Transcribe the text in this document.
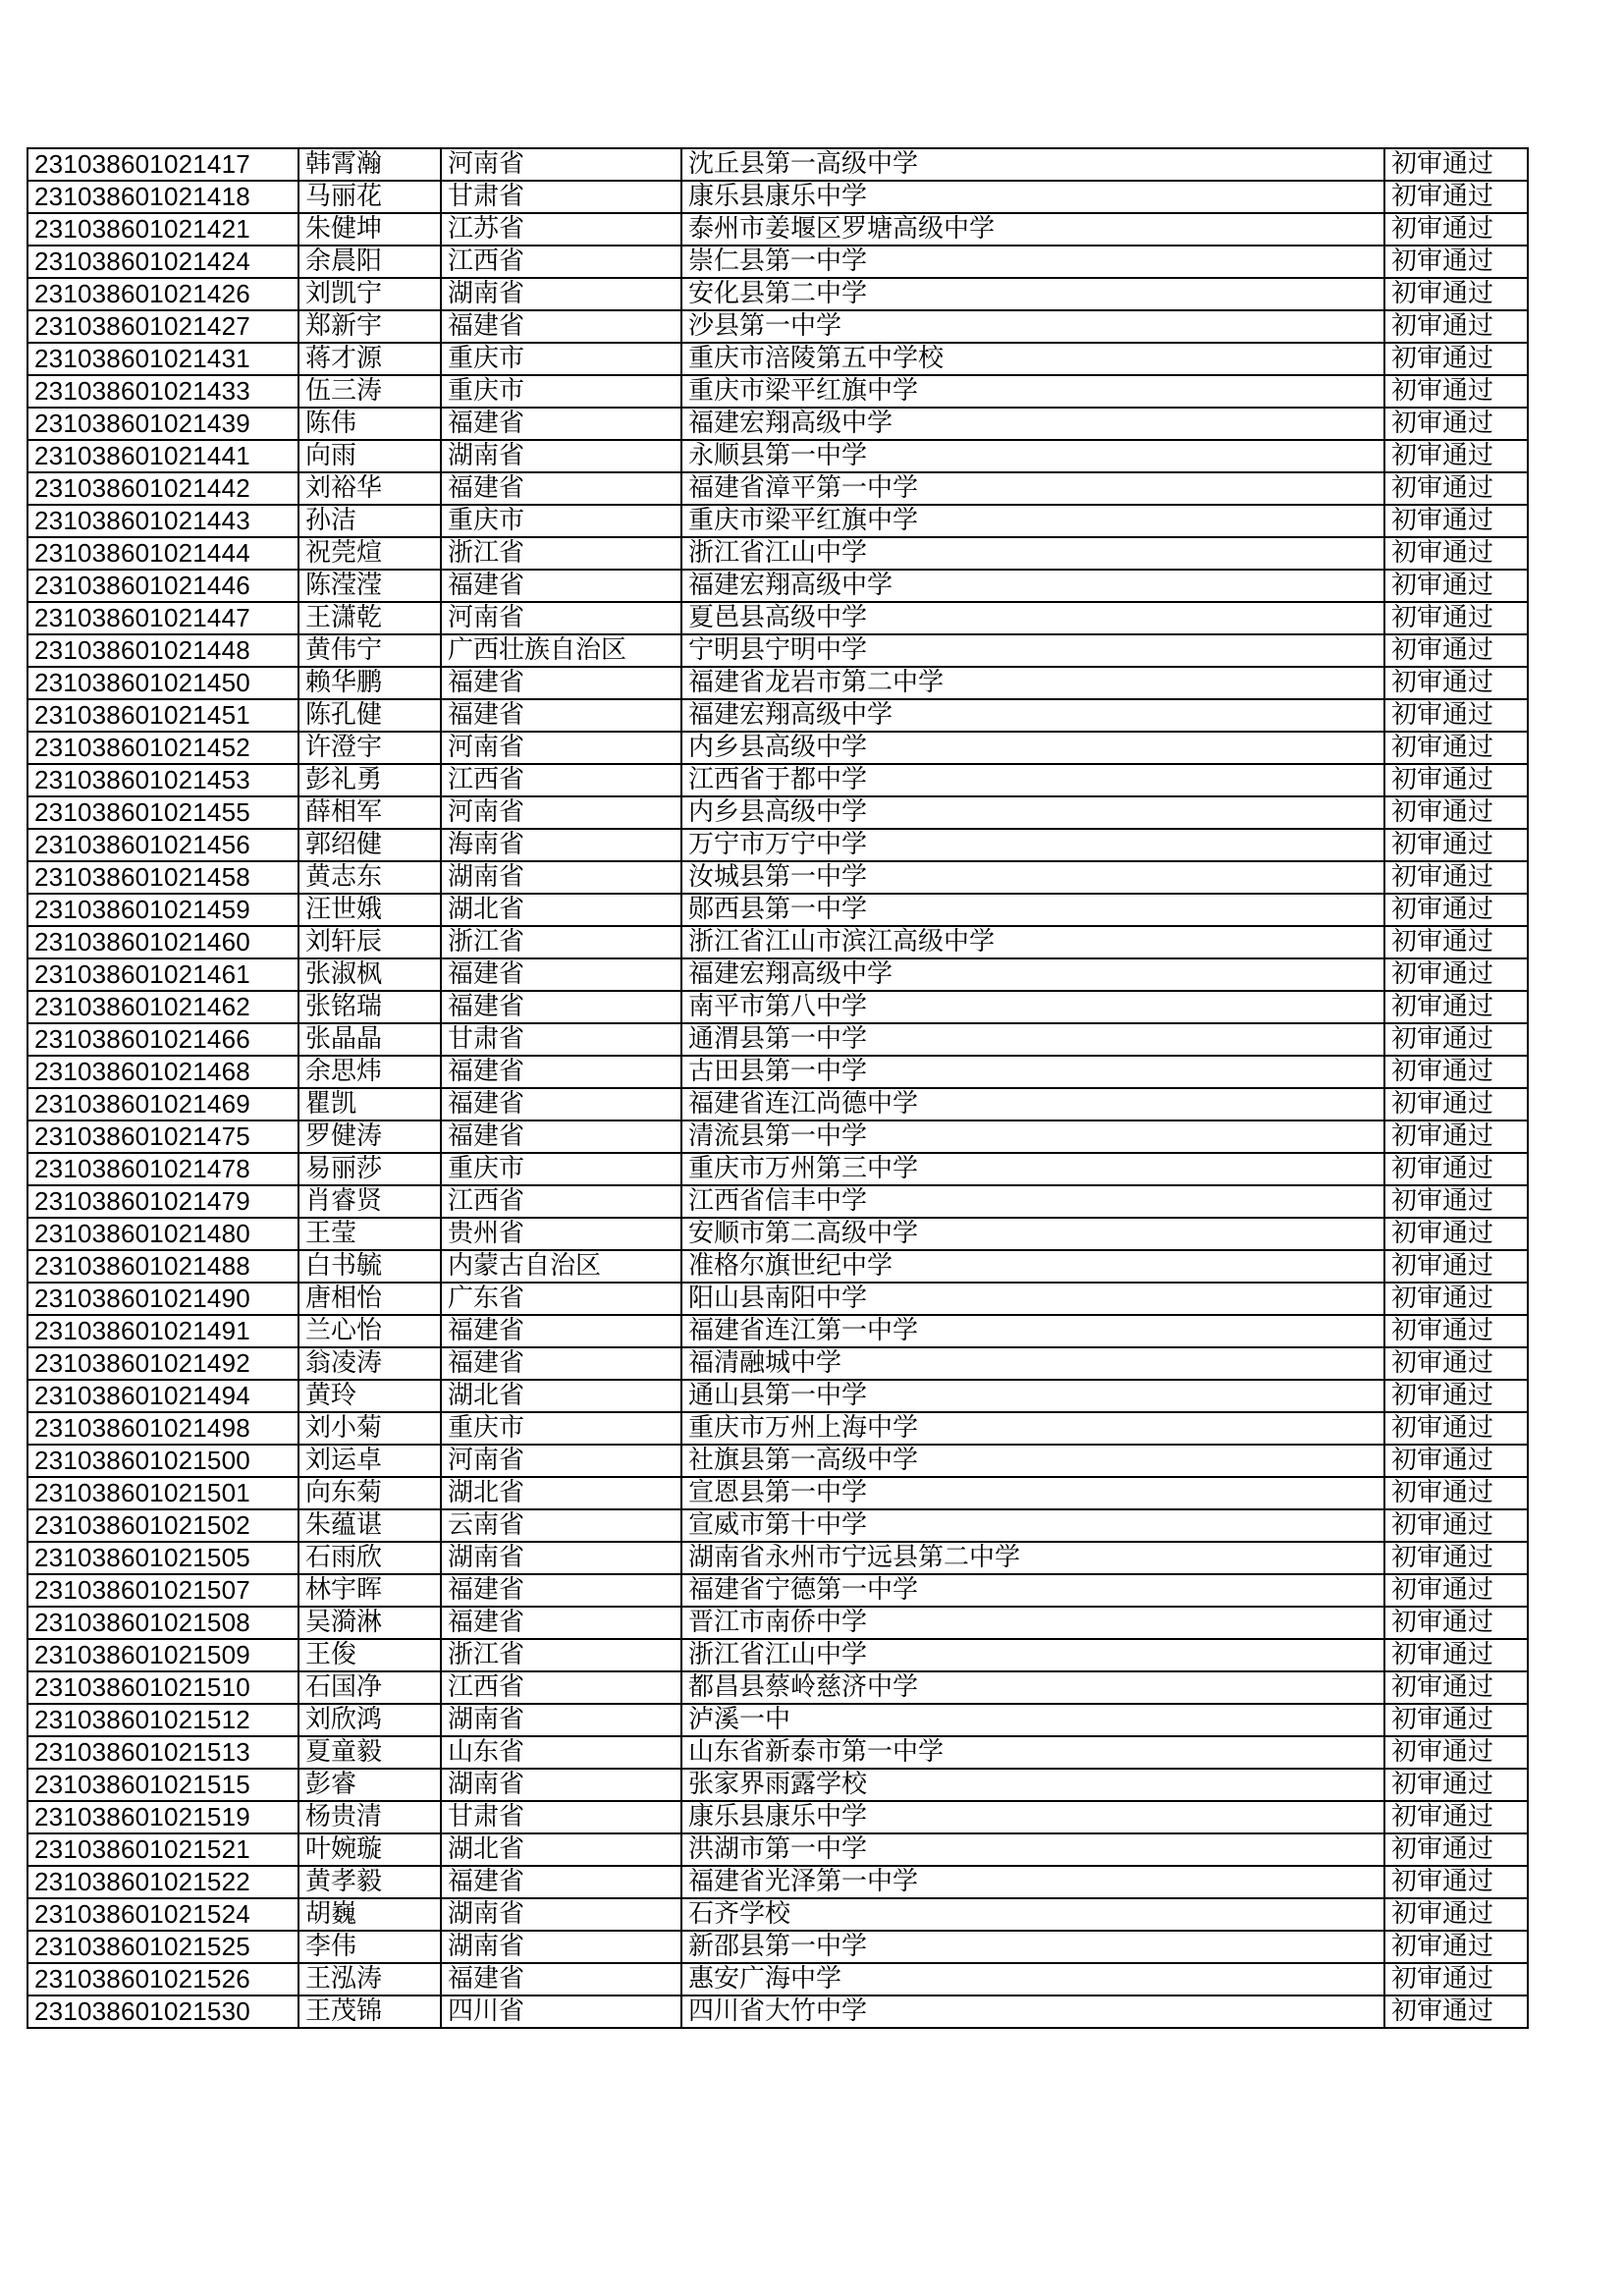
231038601021417	韩霄瀚	河南省	沈丘县第一高级中学	初审通过
231038601021418	马丽花	甘肃省	康乐县康乐中学	初审通过
231038601021421	朱健坤	江苏省	泰州市姜堰区罗塘高级中学	初审通过
231038601021424	余晨阳	江西省	崇仁县第一中学	初审通过
231038601021426	刘凯宁	湖南省	安化县第二中学	初审通过
231038601021427	郑新宇	福建省	沙县第一中学	初审通过
231038601021431	蒋才源	重庆市	重庆市涪陵第五中学校	初审通过
231038601021433	伍三涛	重庆市	重庆市梁平红旗中学	初审通过
231038601021439	陈伟	福建省	福建宏翔高级中学	初审通过
231038601021441	向雨	湖南省	永顺县第一中学	初审通过
231038601021442	刘裕华	福建省	福建省漳平第一中学	初审通过
231038601021443	孙洁	重庆市	重庆市梁平红旗中学	初审通过
231038601021444	祝莞煊	浙江省	浙江省江山中学	初审通过
231038601021446	陈滢滢	福建省	福建宏翔高级中学	初审通过
231038601021447	王潇乾	河南省	夏邑县高级中学	初审通过
231038601021448	黄伟宁	广西壮族自治区	宁明县宁明中学	初审通过
231038601021450	赖华鹏	福建省	福建省龙岩市第二中学	初审通过
231038601021451	陈孔健	福建省	福建宏翔高级中学	初审通过
231038601021452	许澄宇	河南省	内乡县高级中学	初审通过
231038601021453	彭礼勇	江西省	江西省于都中学	初审通过
231038601021455	薛相军	河南省	内乡县高级中学	初审通过
231038601021456	郭绍健	海南省	万宁市万宁中学	初审通过
231038601021458	黄志东	湖南省	汝城县第一中学	初审通过
231038601021459	汪世娥	湖北省	郧西县第一中学	初审通过
231038601021460	刘轩辰	浙江省	浙江省江山市滨江高级中学	初审通过
231038601021461	张淑枫	福建省	福建宏翔高级中学	初审通过
231038601021462	张铭瑞	福建省	南平市第八中学	初审通过
231038601021466	张晶晶	甘肃省	通渭县第一中学	初审通过
231038601021468	余思炜	福建省	古田县第一中学	初审通过
231038601021469	瞿凯	福建省	福建省连江尚德中学	初审通过
231038601021475	罗健涛	福建省	清流县第一中学	初审通过
231038601021478	易丽莎	重庆市	重庆市万州第三中学	初审通过
231038601021479	肖睿贤	江西省	江西省信丰中学	初审通过
231038601021480	王莹	贵州省	安顺市第二高级中学	初审通过
231038601021488	白书毓	内蒙古自治区	准格尔旗世纪中学	初审通过
231038601021490	唐相怡	广东省	阳山县南阳中学	初审通过
231038601021491	兰心怡	福建省	福建省连江第一中学	初审通过
231038601021492	翁凌涛	福建省	福清融城中学	初审通过
231038601021494	黄玲	湖北省	通山县第一中学	初审通过
231038601021498	刘小菊	重庆市	重庆市万州上海中学	初审通过
231038601021500	刘运卓	河南省	社旗县第一高级中学	初审通过
231038601021501	向东菊	湖北省	宣恩县第一中学	初审通过
231038601021502	朱蕴谌	云南省	宣威市第十中学	初审通过
231038601021505	石雨欣	湖南省	湖南省永州市宁远县第二中学	初审通过
231038601021507	林宇晖	福建省	福建省宁德第一中学	初审通过
231038601021508	吴漪淋	福建省	晋江市南侨中学	初审通过
231038601021509	王俊	浙江省	浙江省江山中学	初审通过
231038601021510	石国净	江西省	都昌县蔡岭慈济中学	初审通过
231038601021512	刘欣鸿	湖南省	泸溪一中	初审通过
231038601021513	夏童毅	山东省	山东省新泰市第一中学	初审通过
231038601021515	彭睿	湖南省	张家界雨露学校	初审通过
231038601021519	杨贵清	甘肃省	康乐县康乐中学	初审通过
231038601021521	叶婉璇	湖北省	洪湖市第一中学	初审通过
231038601021522	黄孝毅	福建省	福建省光泽第一中学	初审通过
231038601021524	胡巍	湖南省	石齐学校	初审通过
231038601021525	李伟	湖南省	新邵县第一中学	初审通过
231038601021526	王泓涛	福建省	惠安广海中学	初审通过
231038601021530	王茂锦	四川省	四川省大竹中学	初审通过
